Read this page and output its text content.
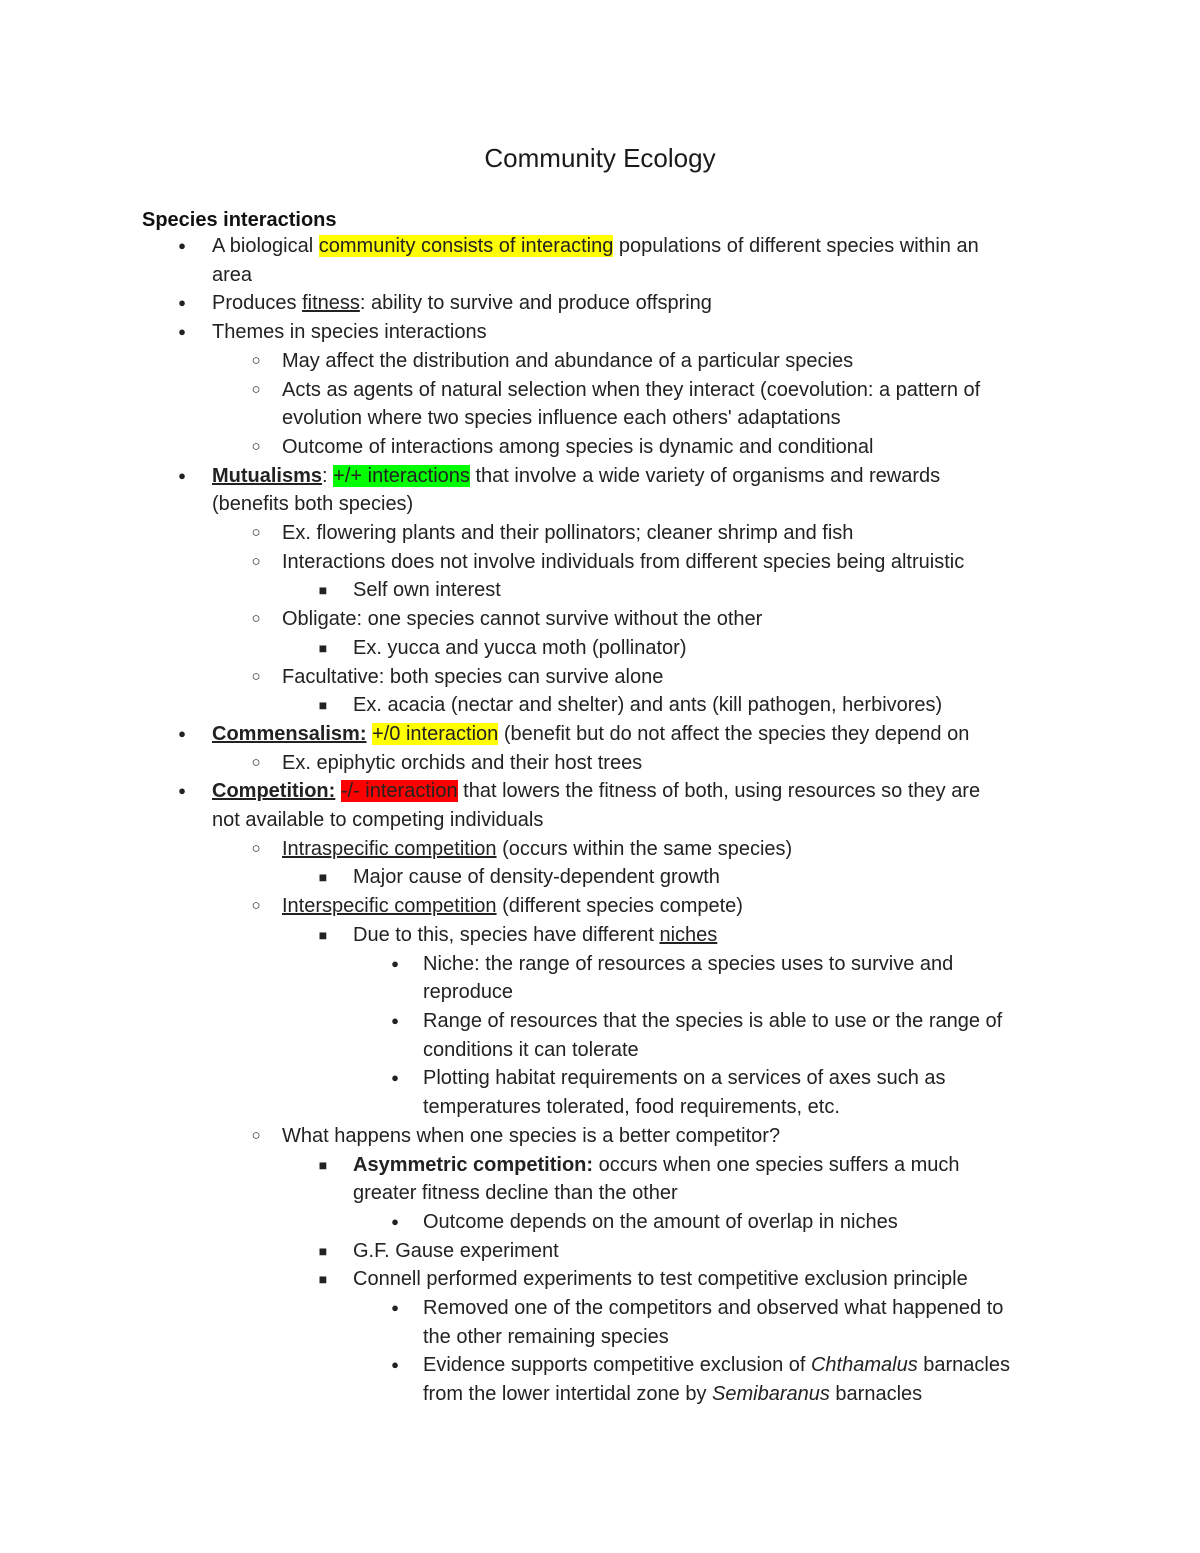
Community Ecology
Species interactions
●	A biological community consists of interacting populations of different species within an

area

●	Produces fitness: ability to survive and produce offspring

●	Themes in species interactions

○ May affect the distribution and abundance of a particular species

○ Acts as agents of natural selection when they interact (coevolution: a pattern of

evolution where two species influence each others' adaptations

○ Outcome of interactions among species is dynamic and conditional

●	Mutualisms: +/+ interactions that involve a wide variety of organisms and rewards

(benefits both species)

○ Ex. flowering plants and their pollinators; cleaner shrimp and fish

○ Interactions does not involve individuals from different species being altruistic

■ Self own interest

○ Obligate: one species cannot survive without the other

■ Ex. yucca and yucca moth (pollinator)

○ Facultative: both species can survive alone

■ Ex. acacia (nectar and shelter) and ants (kill pathogen, herbivores)

●	Commensalism: +/0 interaction (benefit but do not affect the species they depend on

○ Ex. epiphytic orchids and their host trees

●	Competition: -/- interaction that lowers the fitness of both, using resources so they are

not available to competing individuals

○ Intraspecific competition (occurs within the same species)

■ Major cause of density-dependent growth

○ Interspecific competition (different species compete)

■ Due to this, species have different niches

●	Niche: the range of resources a species uses to survive and

reproduce

●	Range of resources that the species is able to use or the range of

conditions it can tolerate

●	Plotting habitat requirements on a services of axes such as

temperatures tolerated, food requirements, etc.

○ What happens when one species is a better competitor?

■ Asymmetric competition: occurs when one species suffers a much

greater fitness decline than the other

●	Outcome depends on the amount of overlap in niches

■ G.F. Gause experiment

■ Connell performed experiments to test competitive exclusion principle

●	Removed one of the competitors and observed what happened to

the other remaining species

●	Evidence supports competitive exclusion of Chthamalus barnacles

from the lower intertidal zone by Semibaranus barnacles
